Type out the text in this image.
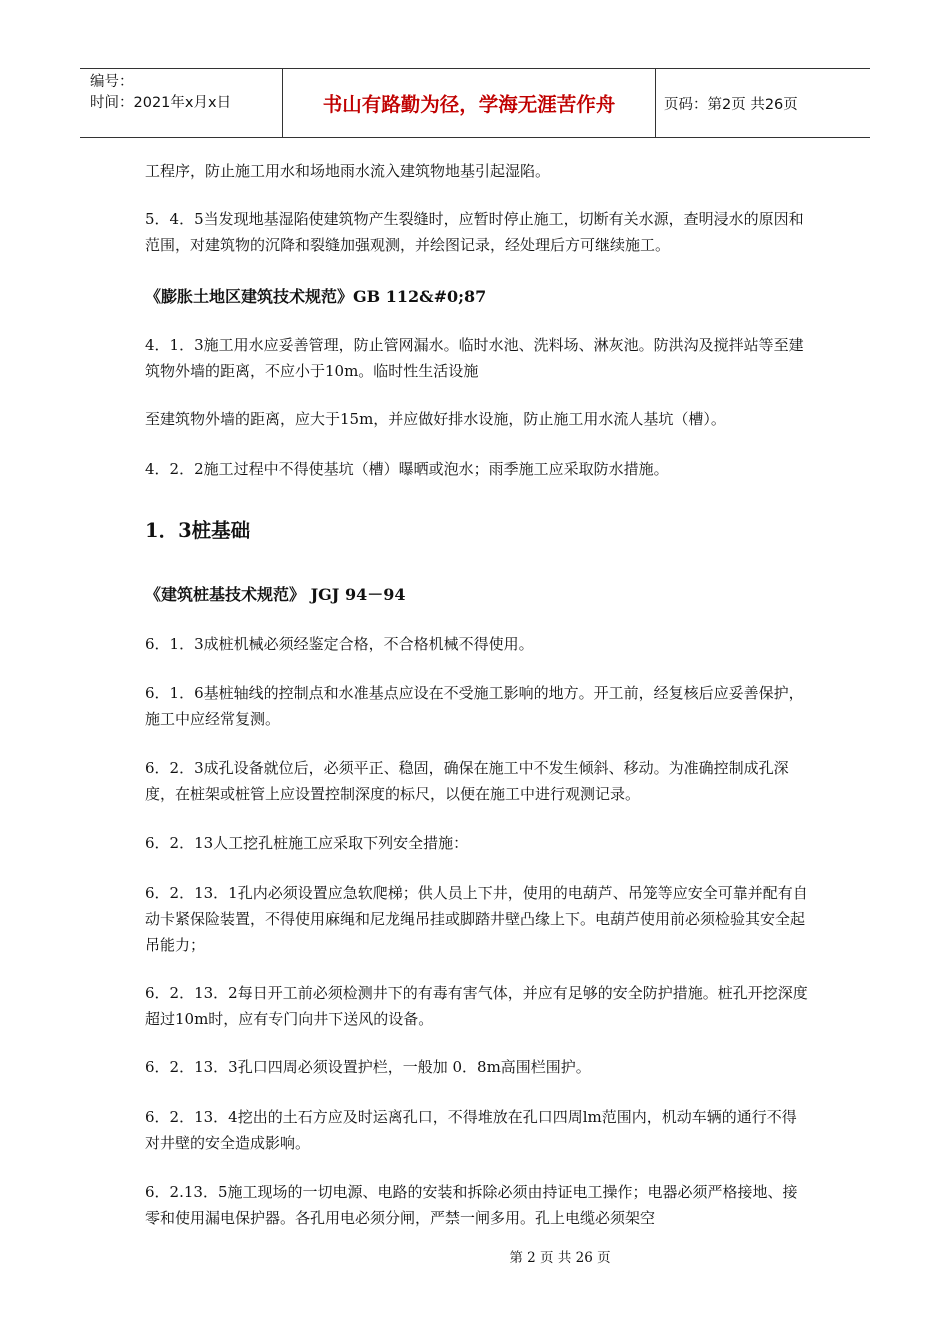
编号：
时间：2021年x月x日	书山有路勤为径，学海无涯苦作舟	页码：第2页 共26页

工程序，防止施工用水和场地雨水流入建筑物地基引起湿陷。

5．4．5当发现地基湿陷使建筑物产生裂缝时，应暂时停止施工，切断有关水源，查明浸水的原因和范围，对建筑物的沉降和裂缝加强观测，并绘图记录，经处理后方可继续施工。

《膨胀土地区建筑技术规范》GB 112&#0;87

4．1．3施工用水应妥善管理，防止管网漏水。临时水池、洗料场、淋灰池。防洪沟及搅拌站等至建筑物外墙的距离，不应小于10m。临时性生活设施

至建筑物外墙的距离，应大于15m，并应做好排水设施，防止施工用水流人基坑（槽）。

4．2．2施工过程中不得使基坑（槽）曝晒或泡水；雨季施工应采取防水措施。

1．3桩基础

《建筑桩基技术规范》 JGJ 94－94

6．1．3成桩机械必须经鉴定合格，不合格机械不得使用。

6．1．6基桩轴线的控制点和水准基点应设在不受施工影响的地方。开工前，经复核后应妥善保护，施工中应经常复测。

6．2．3成孔设备就位后，必须平正、稳固，确保在施工中不发生倾斜、移动。为准确控制成孔深度，在桩架或桩管上应设置控制深度的标尺，以便在施工中进行观测记录。

6．2．13人工挖孔桩施工应采取下列安全措施：

6．2．13．1孔内必须设置应急软爬梯；供人员上下井，使用的电葫芦、吊笼等应安全可靠并配有自动卡紧保险装置，不得使用麻绳和尼龙绳吊挂或脚踏井壁凸缘上下。电葫芦使用前必须检验其安全起吊能力；

6．2．13．2每日开工前必须检测井下的有毒有害气体，并应有足够的安全防护措施。桩孔开挖深度超过10m时，应有专门向井下送风的设备。

6．2．13．3孔口四周必须设置护栏，一般加 0．8m高围栏围护。

6．2．13．4挖出的土石方应及时运离孔口，不得堆放在孔口四周lm范围内，机动车辆的通行不得对井壁的安全造成影响。

6．2.13．5施工现场的一切电源、电路的安装和拆除必须由持证电工操作；电器必须严格接地、接零和使用漏电保护器。各孔用电必须分闸，严禁一闸多用。孔上电缆必须架空

第 2 页 共 26 页
